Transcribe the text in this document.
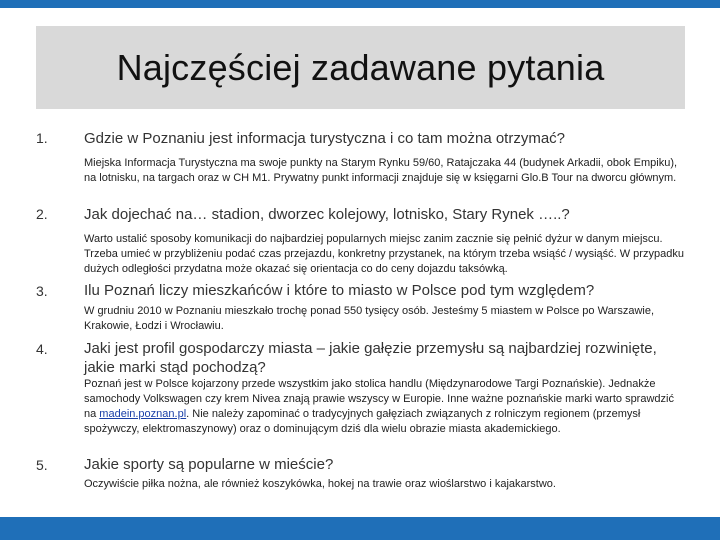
Najczęściej zadawane pytania
1. Gdzie w Poznaniu jest informacja turystyczna i co tam można otrzymać?
Miejska Informacja Turystyczna ma swoje punkty na Starym Rynku 59/60, Ratajczaka 44 (budynek Arkadii, obok Empiku), na lotnisku, na targach oraz w CH M1. Prywatny punkt informacji znajduje się w księgarni Glo.B Tour na dworcu głównym.
2. Jak dojechać na… stadion, dworzec kolejowy, lotnisko, Stary Rynek …..?
Warto ustalić sposoby komunikacji do najbardziej popularnych miejsc zanim zacznie się pełnić dyżur w danym miejscu. Trzeba umieć w przybliżeniu podać czas przejazdu, konkretny przystanek, na którym trzeba wsiąść / wysiąść. W przypadku dużych odległości przydatna może okazać się orientacja co do ceny dojazdu taksówką.
3. Ilu Poznań liczy mieszkańców i które to miasto w Polsce pod tym względem?
W grudniu 2010 w Poznaniu mieszkało trochę ponad 550 tysięcy osób. Jesteśmy 5 miastem w Polsce po Warszawie, Krakowie, Łodzi i Wrocławiu.
4. Jaki jest profil gospodarczy miasta – jakie gałęzie przemysłu są najbardziej rozwinięte, jakie marki stąd pochodzą?
Poznań jest w Polsce kojarzony przede wszystkim jako stolica handlu (Międzynarodowe Targi Poznańskie). Jednakże samochody Volkswagen czy krem Nivea znają prawie wszyscy w Europie. Inne ważne poznańskie marki warto sprawdzić na madein.poznan.pl. Nie należy zapominać o tradycyjnych gałęziach związanych z rolniczym regionem (przemysł spożywczy, elektromaszynowy) oraz o dominującym dziś dla wielu obrazie miasta akademickiego.
5. Jakie sporty są popularne w mieście?
Oczywiście piłka nożna, ale również koszykówka, hokej na trawie oraz wioślarstwo i kajakarstwo.
